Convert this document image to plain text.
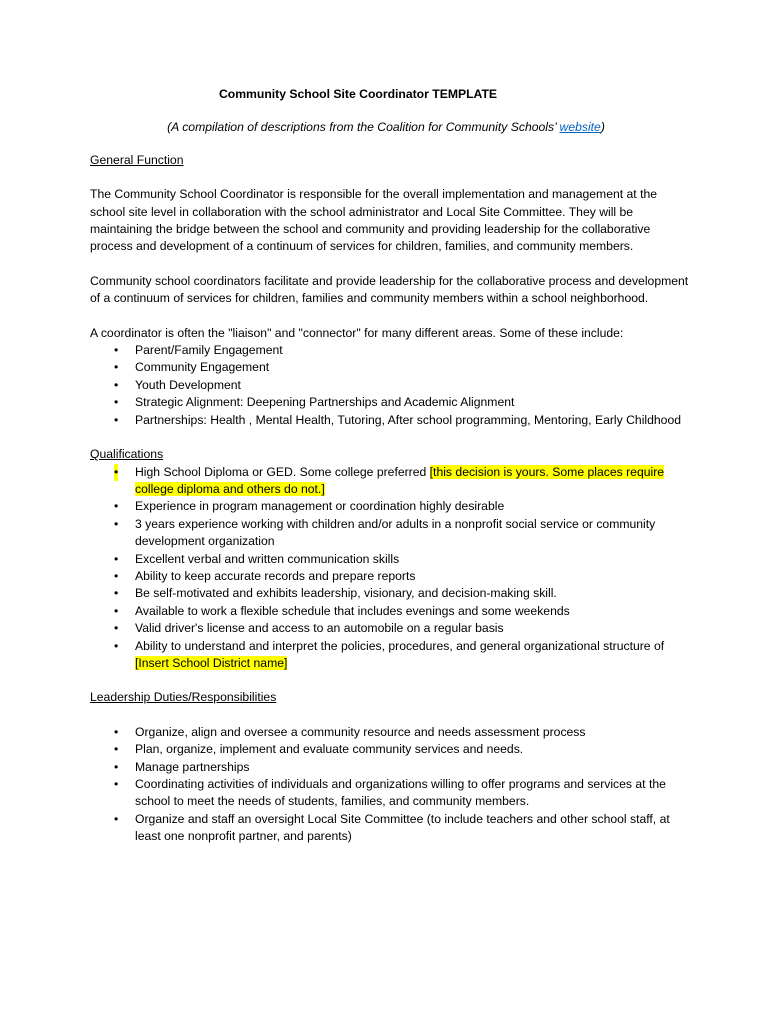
Community School Site Coordinator TEMPLATE

(A compilation of descriptions from the Coalition for Community Schools’ website)

General Function

The Community School Coordinator is responsible for the overall implementation and management at the school site level in collaboration with the school administrator and Local Site Committee. They will be maintaining the bridge between the school and community and providing leadership for the collaborative process and development of a continuum of services for children, families, and community members.

Community school coordinators facilitate and provide leadership for the collaborative process and development of a continuum of services for children, families and community members within a school neighborhood.

A coordinator is often the "liaison" and "connector" for many different areas. Some of these include:

• Parent/Family Engagement
• Community Engagement
• Youth Development
• Strategic Alignment: Deepening Partnerships and Academic Alignment
• Partnerships: Health , Mental Health, Tutoring, After school programming, Mentoring, Early Childhood

Qualifications

• High School Diploma or GED. Some college preferred [this decision is yours. Some places require college diploma and others do not.]
• Experience in program management or coordination highly desirable
• 3 years experience working with children and/or adults in a nonprofit social service or community development organization
• Excellent verbal and written communication skills
• Ability to keep accurate records and prepare reports
• Be self-motivated and exhibits leadership, visionary, and decision-making skill.
• Available to work a flexible schedule that includes evenings and some weekends
• Valid driver's license and access to an automobile on a regular basis
• Ability to understand and interpret the policies, procedures, and general organizational structure of [Insert School District name]

Leadership Duties/Responsibilities

• Organize, align and oversee a community resource and needs assessment process
• Plan, organize, implement and evaluate community services and needs.
• Manage partnerships
• Coordinating activities of individuals and organizations willing to offer programs and services at the school to meet the needs of students, families, and community members.
• Organize and staff an oversight Local Site Committee (to include teachers and other school staff, at least one nonprofit partner, and parents)
